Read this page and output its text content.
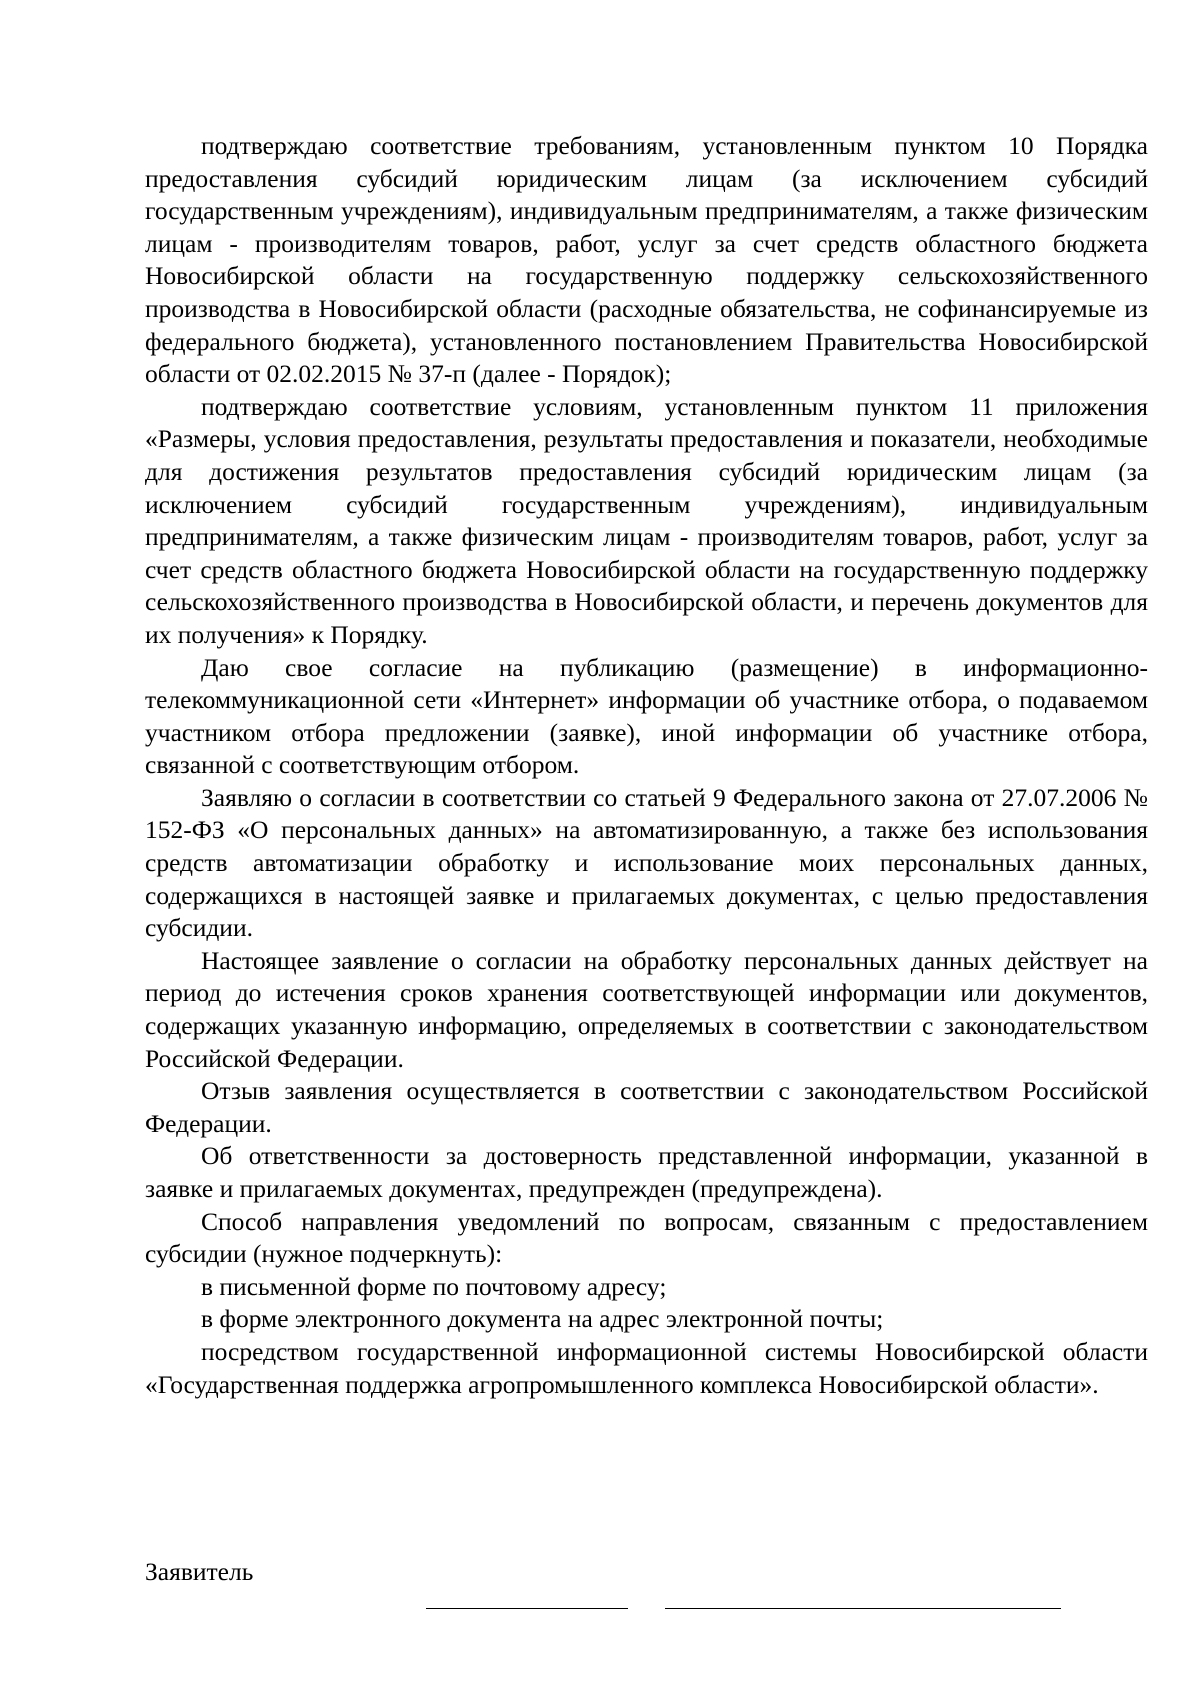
подтверждаю соответствие требованиям, установленным пунктом 10 Порядка предоставления субсидий юридическим лицам (за исключением субсидий государственным учреждениям), индивидуальным предпринимателям, а также физическим лицам - производителям товаров, работ, услуг за счет средств областного бюджета Новосибирской области на государственную поддержку сельскохозяйственного производства в Новосибирской области (расходные обязательства, не софинансируемые из федерального бюджета), установленного постановлением Правительства Новосибирской области от 02.02.2015 № 37-п (далее - Порядок);

подтверждаю соответствие условиям, установленным пунктом 11 приложения «Размеры, условия предоставления, результаты предоставления и показатели, необходимые для достижения результатов предоставления субсидий юридическим лицам (за исключением субсидий государственным учреждениям), индивидуальным предпринимателям, а также физическим лицам - производителям товаров, работ, услуг за счет средств областного бюджета Новосибирской области на государственную поддержку сельскохозяйственного производства в Новосибирской области, и перечень документов для их получения» к Порядку.

Даю свое согласие на публикацию (размещение) в информационно-телекоммуникационной сети «Интернет» информации об участнике отбора, о подаваемом участником отбора предложении (заявке), иной информации об участнике отбора, связанной с соответствующим отбором.

Заявляю о согласии в соответствии со статьей 9 Федерального закона от 27.07.2006 № 152-ФЗ «О персональных данных» на автоматизированную, а также без использования средств автоматизации обработку и использование моих персональных данных, содержащихся в настоящей заявке и прилагаемых документах, с целью предоставления субсидии.

Настоящее заявление о согласии на обработку персональных данных действует на период до истечения сроков хранения соответствующей информации или документов, содержащих указанную информацию, определяемых в соответствии с законодательством Российской Федерации.

Отзыв заявления осуществляется в соответствии с законодательством Российской Федерации.

Об ответственности за достоверность представленной информации, указанной в заявке и прилагаемых документах, предупрежден (предупреждена).

Способ направления уведомлений по вопросам, связанным с предоставлением субсидии (нужное подчеркнуть):

в письменной форме по почтовому адресу;

в форме электронного документа на адрес электронной почты;

посредством государственной информационной системы Новосибирской области «Государственная поддержка агропромышленного комплекса Новосибирской области».

Заявитель
